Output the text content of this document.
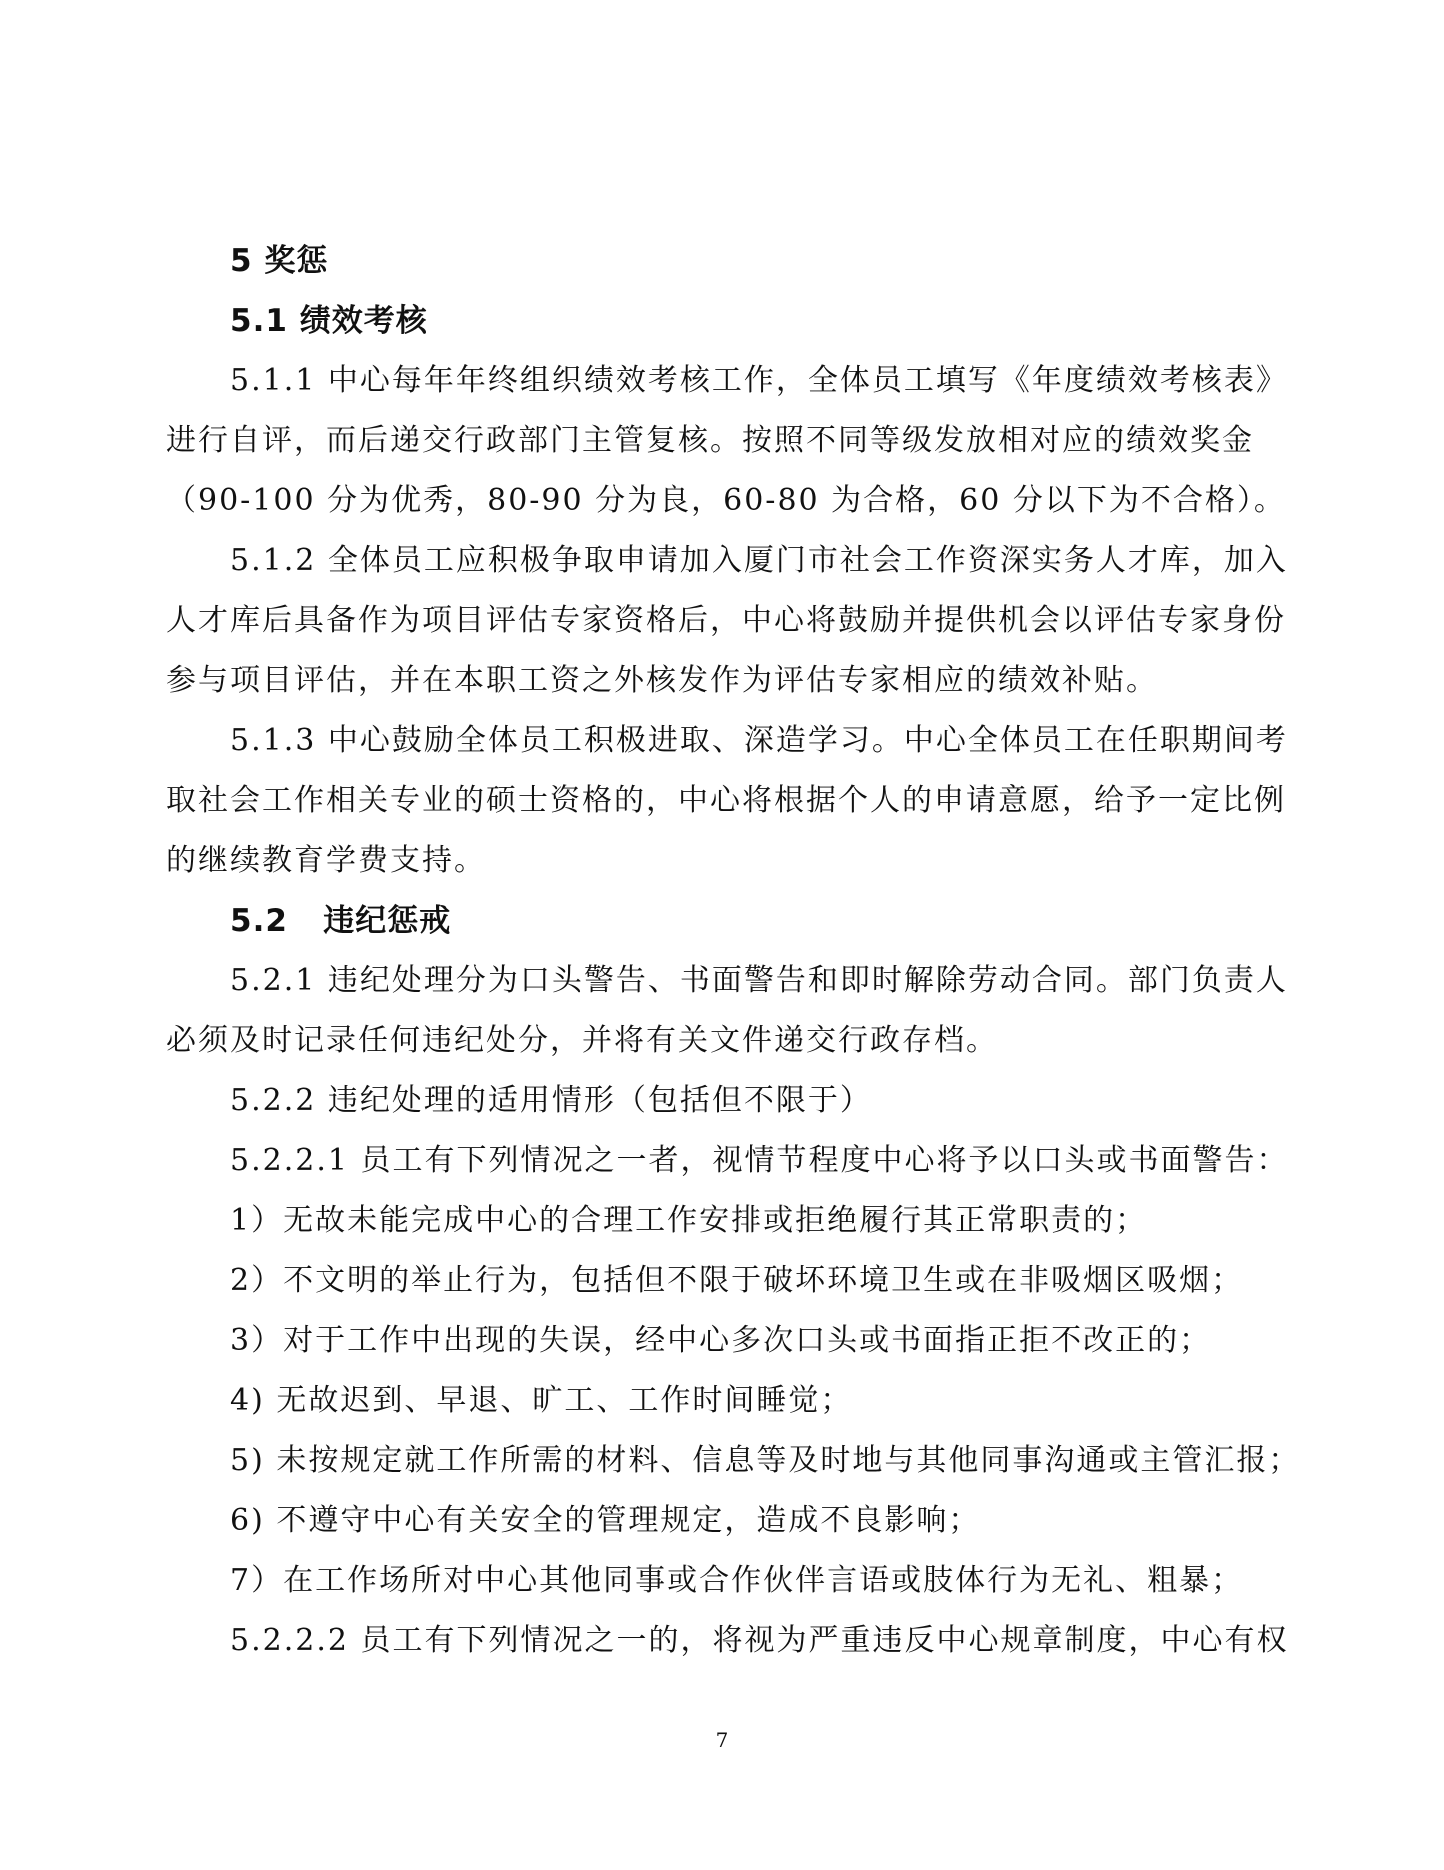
5 奖惩
5.1 绩效考核
5.1.1 中心每年年终组织绩效考核工作，全体员工填写《年度绩效考核表》
进行自评，而后递交行政部门主管复核。按照不同等级发放相对应的绩效奖金
（90-100 分为优秀，80-90 分为良，60-80 为合格，60 分以下为不合格）。
5.1.2 全体员工应积极争取申请加入厦门市社会工作资深实务人才库，加入
人才库后具备作为项目评估专家资格后，中心将鼓励并提供机会以评估专家身份
参与项目评估，并在本职工资之外核发作为评估专家相应的绩效补贴。
5.1.3 中心鼓励全体员工积极进取、深造学习。中心全体员工在任职期间考
取社会工作相关专业的硕士资格的，中心将根据个人的申请意愿，给予一定比例
的继续教育学费支持。
5.2   违纪惩戒
5.2.1 违纪处理分为口头警告、书面警告和即时解除劳动合同。部门负责人
必须及时记录任何违纪处分，并将有关文件递交行政存档。
5.2.2 违纪处理的适用情形（包括但不限于）
5.2.2.1 员工有下列情况之一者，视情节程度中心将予以口头或书面警告：
1）无故未能完成中心的合理工作安排或拒绝履行其正常职责的；
2）不文明的举止行为，包括但不限于破坏环境卫生或在非吸烟区吸烟；
3）对于工作中出现的失误，经中心多次口头或书面指正拒不改正的；
4) 无故迟到、早退、旷工、工作时间睡觉；
5) 未按规定就工作所需的材料、信息等及时地与其他同事沟通或主管汇报；
6) 不遵守中心有关安全的管理规定，造成不良影响；
7）在工作场所对中心其他同事或合作伙伴言语或肢体行为无礼、粗暴；
5.2.2.2 员工有下列情况之一的，将视为严重违反中心规章制度，中心有权
7
